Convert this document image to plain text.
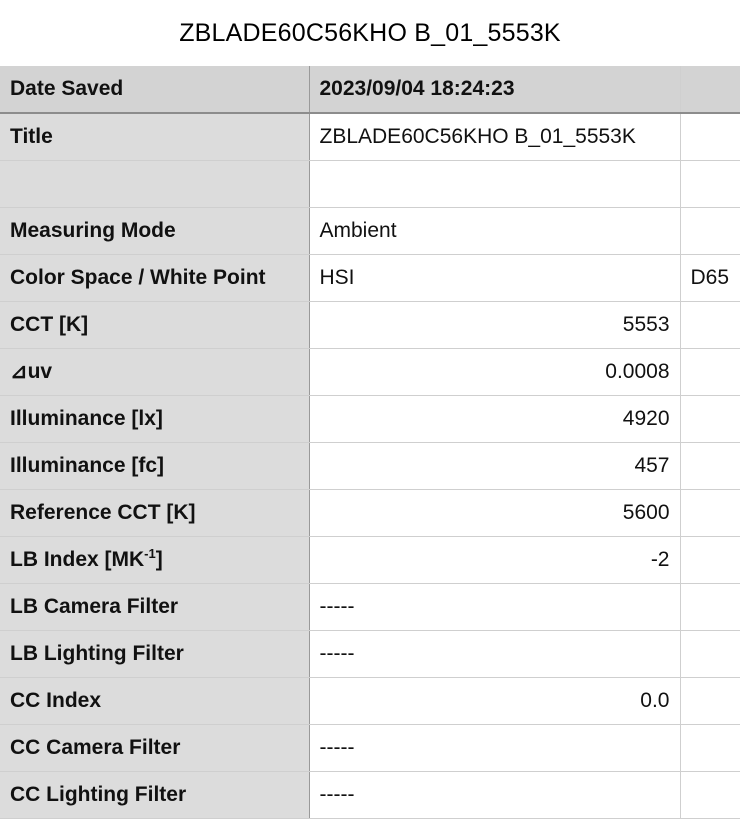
ZBLADE60C56KHO B_01_5553K
Date Saved	2023/09/04 18:24:23	
Title	ZBLADE60C56KHO B_01_5553K	

Measuring Mode	Ambient	
Color Space / White Point	HSI	D65
CCT [K]	5553	
⊿uv	0.0008	
Illuminance [lx]	4920	
Illuminance [fc]	457	
Reference CCT [K]	5600	
LB Index $[MK^{-1}]$	-2	
LB Camera Filter	-----	
LB Lighting Filter	-----	
CC Index	0.0	
CC Camera Filter	-----	
CC Lighting Filter	-----	
